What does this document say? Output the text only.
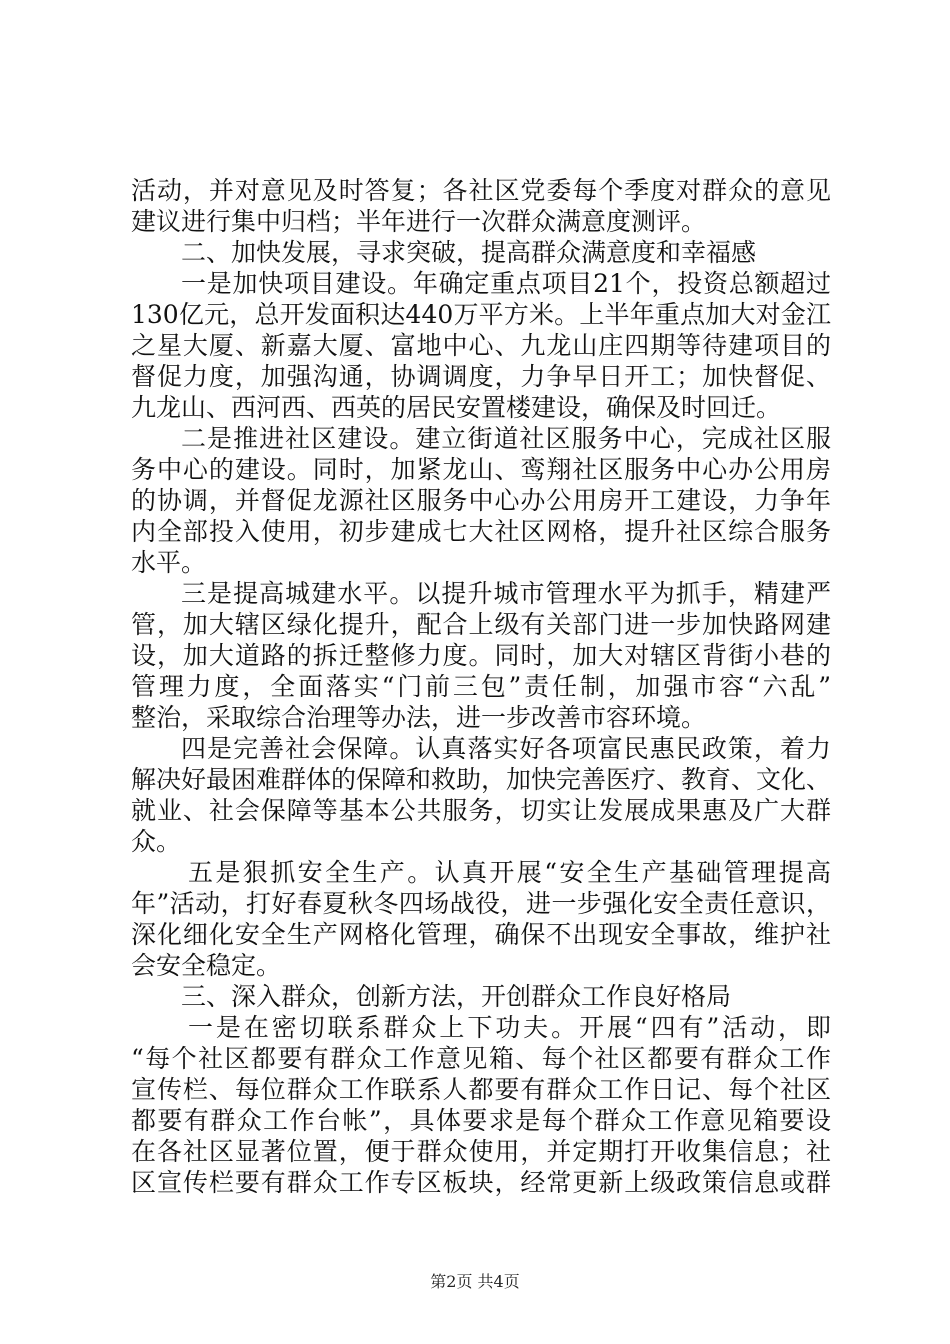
活动，并对意见及时答复；各社区党委每个季度对群众的意见
建议进行集中归档；半年进行一次群众满意度测评。
二、加快发展，寻求突破，提高群众满意度和幸福感
一是加快项目建设。年确定重点项目21个，投资总额超过
130亿元，总开发面积达440万平方米。上半年重点加大对金江
之星大厦、新嘉大厦、富地中心、九龙山庄四期等待建项目的
督促力度，加强沟通，协调调度，力争早日开工；加快督促、
九龙山、西河西、西英的居民安置楼建设，确保及时回迁。
二是推进社区建设。建立街道社区服务中心，完成社区服
务中心的建设。同时，加紧龙山、鸾翔社区服务中心办公用房
的协调，并督促龙源社区服务中心办公用房开工建设，力争年
内全部投入使用，初步建成七大社区网格，提升社区综合服务
水平。
三是提高城建水平。以提升城市管理水平为抓手，精建严
管，加大辖区绿化提升，配合上级有关部门进一步加快路网建
设，加大道路的拆迁整修力度。同时，加大对辖区背街小巷的
管理力度，全面落实“门前三包”责任制，加强市容“六乱”
整治，采取综合治理等办法，进一步改善市容环境。
四是完善社会保障。认真落实好各项富民惠民政策，着力
解决好最困难群体的保障和救助，加快完善医疗、教育、文化、
就业、社会保障等基本公共服务，切实让发展成果惠及广大群
众。
五是狠抓安全生产。认真开展“安全生产基础管理提高
年”活动，打好春夏秋冬四场战役，进一步强化安全责任意识，
深化细化安全生产网格化管理，确保不出现安全事故，维护社
会安全稳定。
三、深入群众，创新方法，开创群众工作良好格局
一是在密切联系群众上下功夫。开展“四有”活动，即
“每个社区都要有群众工作意见箱、每个社区都要有群众工作
宣传栏、每位群众工作联系人都要有群众工作日记、每个社区
都要有群众工作台帐”，具体要求是每个群众工作意见箱要设
在各社区显著位置，便于群众使用，并定期打开收集信息；社
区宣传栏要有群众工作专区板块，经常更新上级政策信息或群
第2页 共4页
